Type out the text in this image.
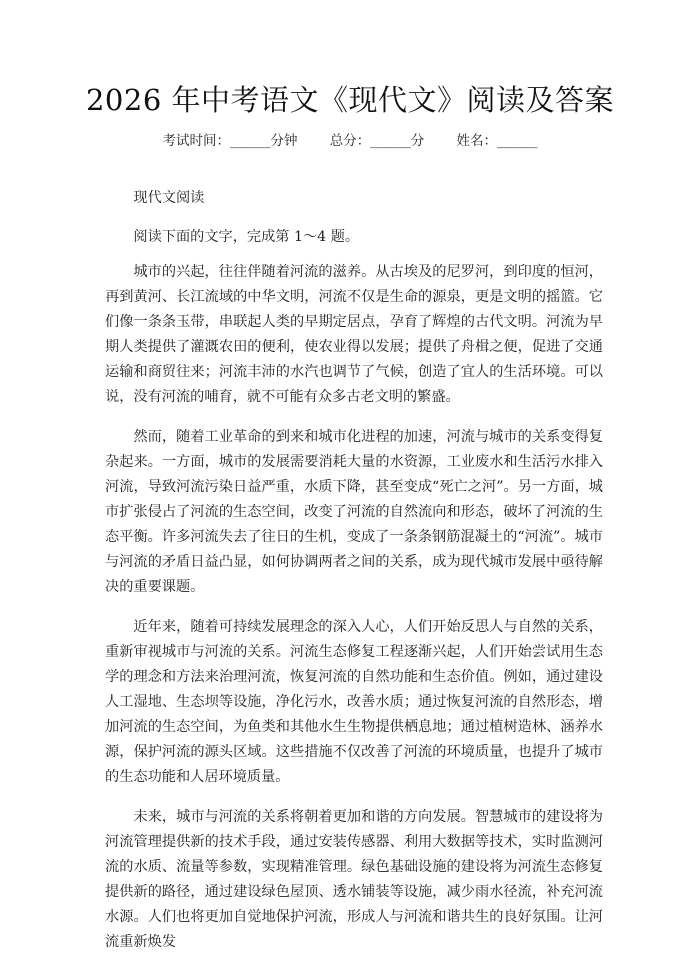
2026 年中考语文《现代文》阅读及答案
考试时间：______分钟 总分：______分 姓名：______

现代文阅读

阅读下面的文字，完成第 1～4 题。

城市的兴起，往往伴随着河流的滋养。从古埃及的尼罗河，到印度的恒河，再到黄河、长江流域的中华文明，河流不仅是生命的源泉，更是文明的摇篮。它们像一条条玉带，串联起人类的早期定居点，孕育了辉煌的古代文明。河流为早期人类提供了灌溉农田的便利，使农业得以发展；提供了舟楫之便，促进了交通运输和商贸往来；河流丰沛的水汽也调节了气候，创造了宜人的生活环境。可以说，没有河流的哺育，就不可能有众多古老文明的繁盛。

然而，随着工业革命的到来和城市化进程的加速，河流与城市的关系变得复杂起来。一方面，城市的发展需要消耗大量的水资源，工业废水和生活污水排入河流，导致河流污染日益严重，水质下降，甚至变成“死亡之河”。另一方面，城市扩张侵占了河流的生态空间，改变了河流的自然流向和形态，破坏了河流的生态平衡。许多河流失去了往日的生机，变成了一条条钢筋混凝土的“河流”。城市与河流的矛盾日益凸显，如何协调两者之间的关系，成为现代城市发展中亟待解决的重要课题。

近年来，随着可持续发展理念的深入人心，人们开始反思人与自然的关系，重新审视城市与河流的关系。河流生态修复工程逐渐兴起，人们开始尝试用生态学的理念和方法来治理河流，恢复河流的自然功能和生态价值。例如，通过建设人工湿地、生态坝等设施，净化污水，改善水质；通过恢复河流的自然形态，增加河流的生态空间，为鱼类和其他水生生物提供栖息地；通过植树造林、涵养水源，保护河流的源头区域。这些措施不仅改善了河流的环境质量，也提升了城市的生态功能和人居环境质量。

未来，城市与河流的关系将朝着更加和谐的方向发展。智慧城市的建设将为河流管理提供新的技术手段，通过安装传感器、利用大数据等技术，实时监测河流的水质、流量等参数，实现精准管理。绿色基础设施的建设将为河流生态修复提供新的路径，通过建设绿色屋顶、透水铺装等设施，减少雨水径流，补充河流水源。人们也将更加自觉地保护河流，形成人与河流和谐共生的良好氛围。让河流重新焕发
